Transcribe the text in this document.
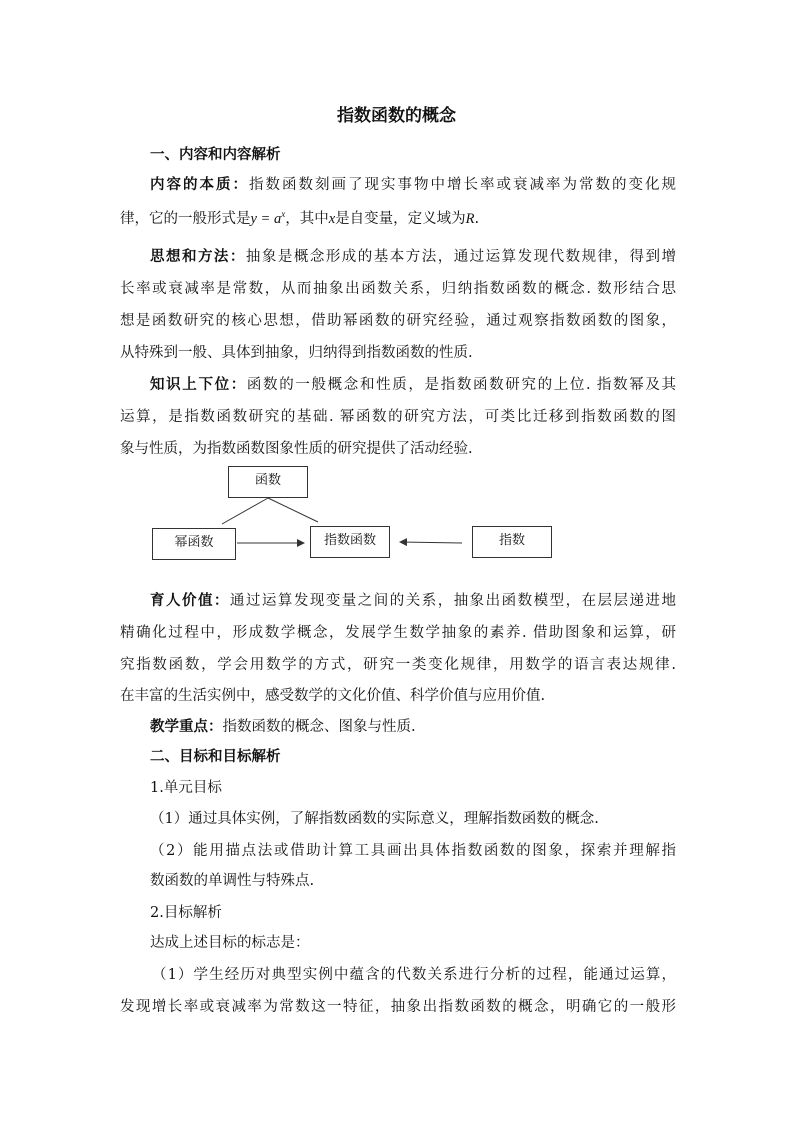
指数函数的概念
一、内容和内容解析
内容的本质：指数函数刻画了现实事物中增长率或衰减率为常数的变化规
律，它的一般形式是$y = a^x$，其中x是自变量，定义域为R.
思想和方法：抽象是概念形成的基本方法，通过运算发现代数规律，得到增
长率或衰减率是常数，从而抽象出函数关系，归纳指数函数的概念. 数形结合思
想是函数研究的核心思想，借助幂函数的研究经验，通过观察指数函数的图象，
从特殊到一般、具体到抽象，归纳得到指数函数的性质.
知识上下位：函数的一般概念和性质，是指数函数研究的上位. 指数幂及其
运算，是指数函数研究的基础. 幂函数的研究方法，可类比迁移到指数函数的图
象与性质，为指数函数图象性质的研究提供了活动经验.
函数
幂函数	指数函数	指数
育人价值：通过运算发现变量之间的关系，抽象出函数模型，在层层递进地
精确化过程中，形成数学概念，发展学生数学抽象的素养. 借助图象和运算，研
究指数函数，学会用数学的方式，研究一类变化规律，用数学的语言表达规律.
在丰富的生活实例中，感受数学的文化价值、科学价值与应用价值.
教学重点：指数函数的概念、图象与性质.
二、目标和目标解析
1.单元目标
（1）通过具体实例，了解指数函数的实际意义，理解指数函数的概念.
（2）能用描点法或借助计算工具画出具体指数函数的图象，探索并理解指
数函数的单调性与特殊点.
2.目标解析
达成上述目标的标志是：
（1）学生经历对典型实例中蕴含的代数关系进行分析的过程，能通过运算，
发现增长率或衰减率为常数这一特征，抽象出指数函数的概念，明确它的一般形
